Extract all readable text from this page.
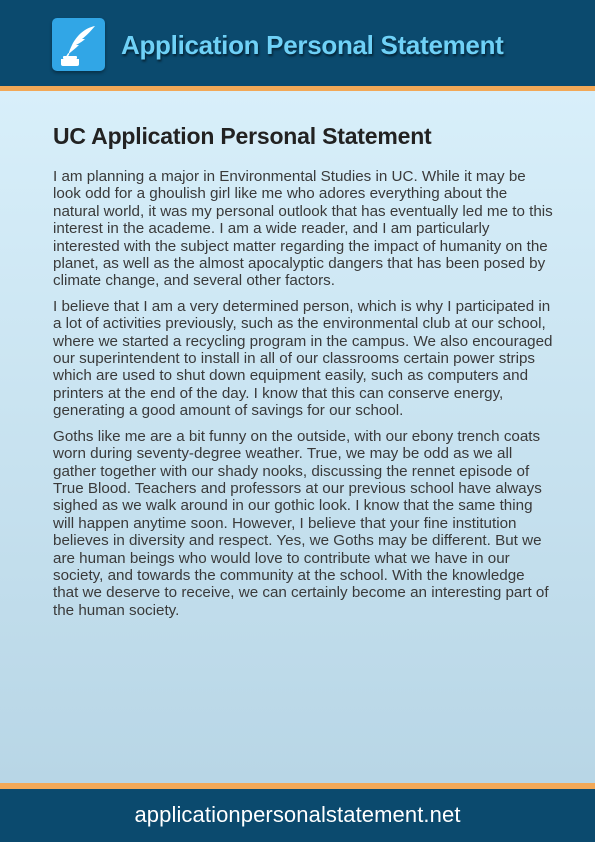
Application Personal Statement
UC Application Personal Statement

I am planning a major in Environmental Studies in UC. While it may be look odd for a ghoulish girl like me who adores everything about the natural world, it was my personal outlook that has eventually led me to this interest in the academe. I am a wide reader, and I am particularly interested with the subject matter regarding the impact of humanity on the planet, as well as the almost apocalyptic dangers that has been posed by climate change, and several other factors.

I believe that I am a very determined person, which is why I participated in a lot of activities previously, such as the environmental club at our school, where we started a recycling program in the campus. We also encouraged our superintendent to install in all of our classrooms certain power strips which are used to shut down equipment easily, such as computers and printers at the end of the day. I know that this can conserve energy, generating a good amount of savings for our school.

Goths like me are a bit funny on the outside, with our ebony trench coats worn during seventy-degree weather. True, we may be odd as we all gather together with our shady nooks, discussing the rennet episode of True Blood. Teachers and professors at our previous school have always sighed as we walk around in our gothic look. I know that the same thing will happen anytime soon. However, I believe that your fine institution believes in diversity and respect. Yes, we Goths may be different. But we are human beings who would love to contribute what we have in our society, and towards the community at the school. With the knowledge that we deserve to receive, we can certainly become an interesting part of the human society.

applicationpersonalstatement.net
